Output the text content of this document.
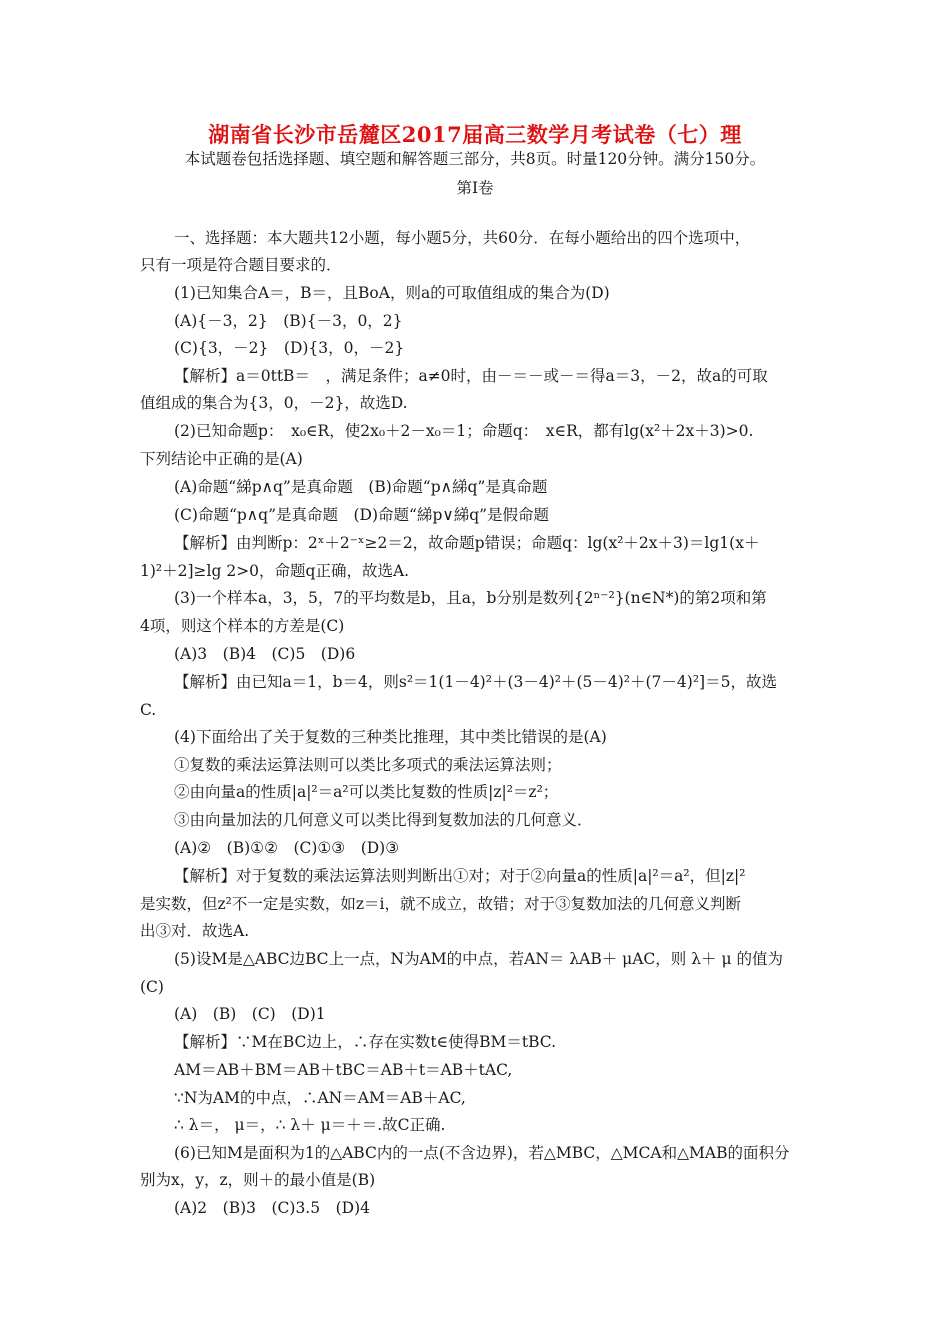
湖南省长沙市岳麓区2017届高三数学月考试卷（七）理
本试题卷包括选择题、填空题和解答题三部分，共8页。时量120分钟。满分150分。
第Ⅰ卷
一、选择题：本大题共12小题，每小题5分，共60分．在每小题给出的四个选项中，
只有一项是符合题目要求的．
(1)已知集合A＝，B＝，且BoA，则a的可取值组成的集合为(D)
(A){－3，2}　(B){－3，0，2}
(C){3，－2}　(D){3，0，－2}
【解析】a＝0ttB＝　，满足条件；a≠0时，由－＝－或－＝得a＝3，－2，故a的可取
值组成的集合为{3，0，－2}，故选D.
(2)已知命题p：　x₀∈R，使2x₀＋2－x₀＝1；命题q：　x∈R，都有lg(x²＋2x＋3)>0.
下列结论中正确的是(A)
(A)命题“綈p∧q”是真命题　(B)命题“p∧綈q”是真命题
(C)命题“p∧q”是真命题　(D)命题“綈p∨綈q”是假命题
【解析】由判断p：2ˣ＋2⁻ˣ≥2＝2，故命题p错误；命题q：lg(x²＋2x＋3)＝lg1(x＋
1)²＋2]≥lg 2>0，命题q正确，故选A.
(3)一个样本a，3，5，7的平均数是b，且a，b分别是数列{2ⁿ⁻²}(n∈N*)的第2项和第
4项，则这个样本的方差是(C)
(A)3　(B)4　(C)5　(D)6
【解析】由已知a＝1，b＝4，则s²＝1(1－4)²＋(3－4)²＋(5－4)²＋(7－4)²]＝5，故选
C.
(4)下面给出了关于复数的三种类比推理，其中类比错误的是(A)
①复数的乘法运算法则可以类比多项式的乘法运算法则；
②由向量a的性质|a|²＝a²可以类比复数的性质|z|²＝z²；
③由向量加法的几何意义可以类比得到复数加法的几何意义．
(A)②　(B)①②　(C)①③　(D)③
【解析】对于复数的乘法运算法则判断出①对；对于②向量a的性质|a|²＝a²，但|z|²
是实数，但z²不一定是实数，如z＝i，就不成立，故错；对于③复数加法的几何意义判断
出③对．故选A.
(5)设M是△ABC边BC上一点，N为AM的中点，若AN＝ λAB＋ μAC，则 λ＋ μ 的值为
(C)
(A)　(B)　(C)　(D)1
【解析】∵M在BC边上，∴存在实数t∈使得BM＝tBC.
AM＝AB＋BM＝AB＋tBC＝AB＋t＝AB＋tAC,
∵N为AM的中点，∴AN＝AM＝AB＋AC,
∴ λ＝， μ＝，∴ λ＋ μ＝＋＝.故C正确.
(6)已知M是面积为1的△ABC内的一点(不含边界)，若△MBC，△MCA和△MAB的面积分
别为x，y，z，则＋的最小值是(B)
(A)2　(B)3　(C)3.5　(D)4
